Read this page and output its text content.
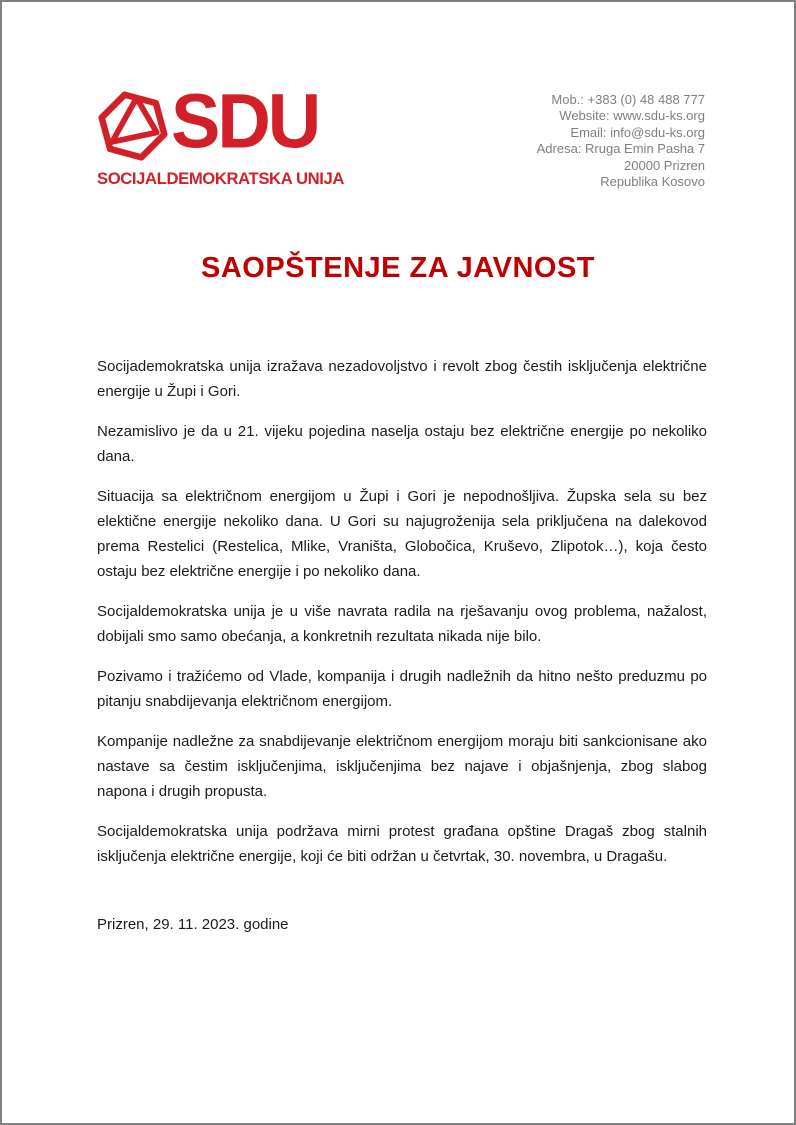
SDU
SOCIJALDEMOKRATSKA UNIJA
Mob.: +383 (0) 48 488 777
Website: www.sdu-ks.org
Email: info@sdu-ks.org
Adresa: Rruga Emin Pasha 7
20000 Prizren
Republika Kosovo
SAOPŠTENJE ZA JAVNOST

Socijademokratska unija izražava nezadovoljstvo i revolt zbog čestih isključenja električne energije u Župi i Gori.

Nezamislivo je da u 21. vijeku pojedina naselja ostaju bez električne energije po nekoliko dana.

Situacija sa električnom energijom u Župi i Gori je nepodnošljiva. Župska sela su bez elektične energije nekoliko dana. U Gori su najugroženija sela priključena na dalekovod prema Restelici (Restelica, Mlike, Vraništa, Globočica, Kruševo, Zlipotok…), koja često ostaju bez električne energije i po nekoliko dana.

Socijaldemokratska unija je u više navrata radila na rješavanju ovog problema, nažalost, dobijali smo samo obećanja, a konkretnih rezultata nikada nije bilo.

Pozivamo i tražićemo od Vlade, kompanija i drugih nadležnih da hitno nešto preduzmu po pitanju snabdijevanja električnom energijom.

Kompanije nadležne za snabdijevanje električnom energijom moraju biti sankcionisane ako nastave sa čestim isključenjima, isključenjima bez najave i objašnjenja, zbog slabog napona i drugih propusta.

Socijaldemokratska unija podržava mirni protest građana opštine Dragaš zbog stalnih isključenja električne energije, koji će biti održan u četvrtak, 30. novembra, u Dragašu.

Prizren, 29. 11. 2023. godine
